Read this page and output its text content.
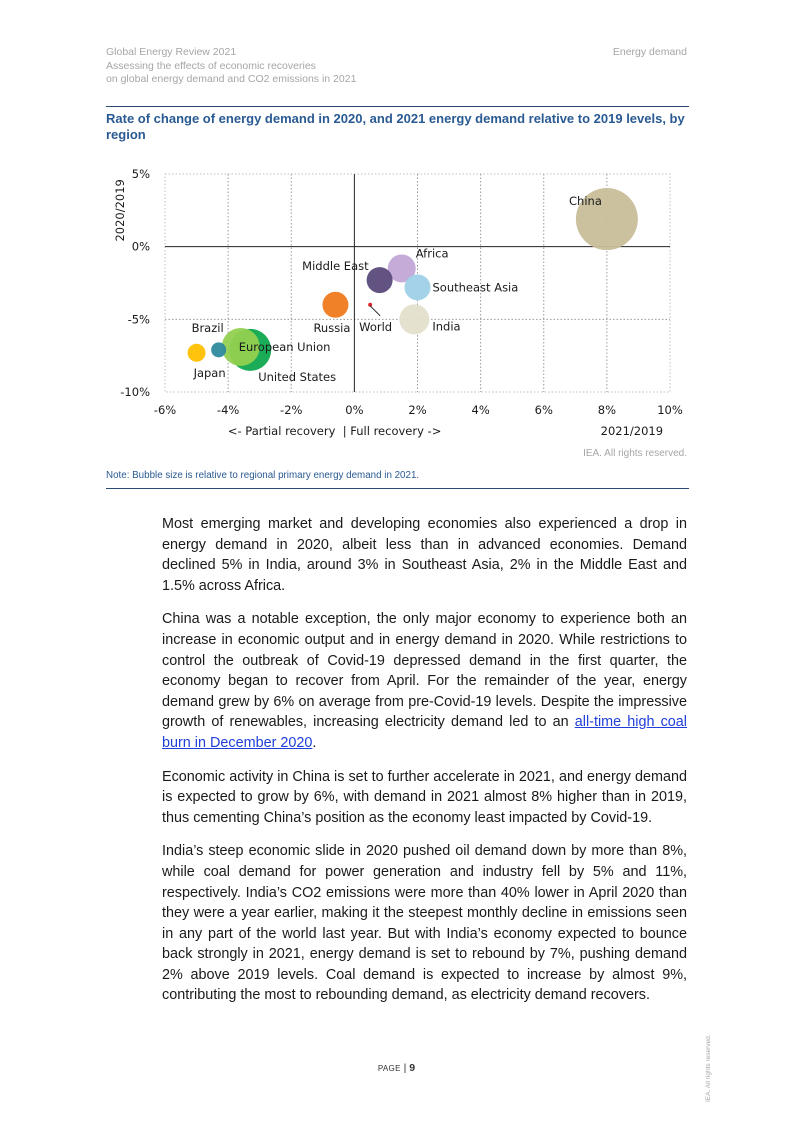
Global Energy Review 2021
Assessing the effects of economic recoveries
on global energy demand and CO2 emissions in 2021
Energy demand
Rate of change of energy demand in 2020, and 2021 energy demand relative to 2019 levels, by region
-6%	-4%	-2%	0%	2%	4%	6%	8%	10%
5%
0%
-5%
-10%
2020/2019
<- Partial recovery  | Full recovery ->	2021/2019
China
Africa
Middle East
Southeast Asia
India
Russia World
European Union
United States
Brazil
Japan
IEA. All rights reserved.
Note: Bubble size is relative to regional primary energy demand in 2021.

Most emerging market and developing economies also experienced a drop in energy demand in 2020, albeit less than in advanced economies. Demand declined 5% in India, around 3% in Southeast Asia, 2% in the Middle East and 1.5% across Africa.

China was a notable exception, the only major economy to experience both an increase in economic output and in energy demand in 2020. While restrictions to control the outbreak of Covid-19 depressed demand in the first quarter, the economy began to recover from April. For the remainder of the year, energy demand grew by 6% on average from pre-Covid-19 levels. Despite the impressive growth of renewables, increasing electricity demand led to an all-time high coal burn in December 2020.

Economic activity in China is set to further accelerate in 2021, and energy demand is expected to grow by 6%, with demand in 2021 almost 8% higher than in 2019, thus cementing China’s position as the economy least impacted by Covid-19.

India’s steep economic slide in 2020 pushed oil demand down by more than 8%, while coal demand for power generation and industry fell by 5% and 11%, respectively. India’s CO2 emissions were more than 40% lower in April 2020 than they were a year earlier, making it the steepest monthly decline in emissions seen in any part of the world last year. But with India’s economy expected to bounce back strongly in 2021, energy demand is set to rebound by 7%, pushing demand 2% above 2019 levels. Coal demand is expected to increase by almost 9%, contributing the most to rebounding demand, as electricity demand recovers.

PAGE | 9	IEA. All rights reserved.
